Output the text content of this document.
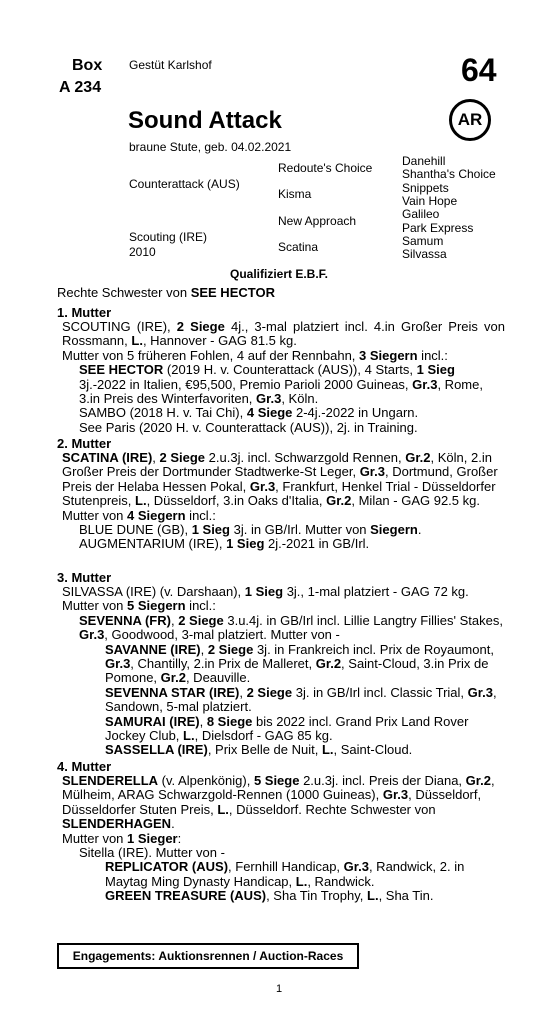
Box
A 234
Gestüt Karlshof	64
AR
Sound Attack
braune Stute, geb. 04.02.2021
Counterattack (AUS)
Redoute's Choice
Kisma
Scouting (IRE)
2010
New Approach
Scatina
Danehill
Shantha's Choice
Snippets
Vain Hope
Galileo
Park Express
Samum
Silvassa
Qualifiziert E.B.F.
Rechte Schwester von SEE HECTOR
1. Mutter
SCOUTING (IRE), 2 Siege 4j., 3-mal platziert incl. 4.in Großer Preis von Rossmann, L., Hannover - GAG 81.5 kg.
Mutter von 5 früheren Fohlen, 4 auf der Rennbahn, 3 Siegern incl.:
SEE HECTOR (2019 H. v. Counterattack (AUS)), 4 Starts, 1 Sieg 3j.-2022 in Italien, €95,500, Premio Parioli 2000 Guineas, Gr.3, Rome, 3.in Preis des Winterfavoriten, Gr.3, Köln.
SAMBO (2018 H. v. Tai Chi), 4 Siege 2-4j.-2022 in Ungarn.
See Paris (2020 H. v. Counterattack (AUS)), 2j. in Training.
2. Mutter
SCATINA (IRE), 2 Siege 2.u.3j. incl. Schwarzgold Rennen, Gr.2, Köln, 2.in Großer Preis der Dortmunder Stadtwerke-St Leger, Gr.3, Dortmund, Großer Preis der Helaba Hessen Pokal, Gr.3, Frankfurt, Henkel Trial - Düsseldorfer Stutenpreis, L., Düsseldorf, 3.in Oaks d'Italia, Gr.2, Milan - GAG 92.5 kg.
Mutter von 4 Siegern incl.:
BLUE DUNE (GB), 1 Sieg 3j. in GB/Irl. Mutter von Siegern.
AUGMENTARIUM (IRE), 1 Sieg 2j.-2021 in GB/Irl.
3. Mutter
SILVASSA (IRE) (v. Darshaan), 1 Sieg 3j., 1-mal platziert - GAG 72 kg.
Mutter von 5 Siegern incl.:
SEVENNA (FR), 2 Siege 3.u.4j. in GB/Irl incl. Lillie Langtry Fillies' Stakes, Gr.3, Goodwood, 3-mal platziert. Mutter von -
SAVANNE (IRE), 2 Siege 3j. in Frankreich incl. Prix de Royaumont, Gr.3, Chantilly, 2.in Prix de Malleret, Gr.2, Saint-Cloud, 3.in Prix de Pomone, Gr.2, Deauville.
SEVENNA STAR (IRE), 2 Siege 3j. in GB/Irl incl. Classic Trial, Gr.3, Sandown, 5-mal platziert.
SAMURAI (IRE), 8 Siege bis 2022 incl. Grand Prix Land Rover Jockey Club, L., Dielsdorf - GAG 85 kg.
SASSELLA (IRE), Prix Belle de Nuit, L., Saint-Cloud.
4. Mutter
SLENDERELLA (v. Alpenkönig), 5 Siege 2.u.3j. incl. Preis der Diana, Gr.2, Mülheim, ARAG Schwarzgold-Rennen (1000 Guineas), Gr.3, Düsseldorf, Düsseldorfer Stuten Preis, L., Düsseldorf. Rechte Schwester von SLENDERHAGEN.
Mutter von 1 Sieger:
Sitella (IRE). Mutter von -
REPLICATOR (AUS), Fernhill Handicap, Gr.3, Randwick, 2. in Maytag Ming Dynasty Handicap, L., Randwick.
GREEN TREASURE (AUS), Sha Tin Trophy, L., Sha Tin.
Engagements: Auktionsrennen / Auction-Races
1
